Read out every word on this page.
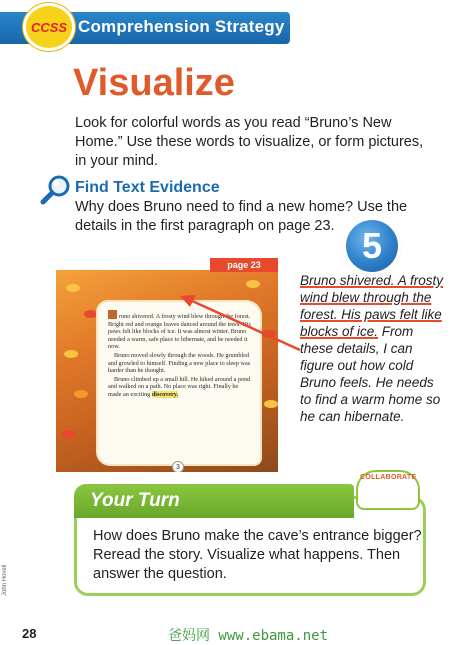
Comprehension Strategy
CCSS
Visualize

Look for colorful words as you read “Bruno’s New Home.” Use these words to visualize, or form pictures, in your mind.

Find Text Evidence

Why does Bruno need to find a new home? Use the details in the first paragraph on page 23. 5

runo shivered. A frosty wind blew through the forest. Bright red and orange leaves danced around the trees. His paws felt like blocks of ice. It was almost winter. Bruno needed a warm, safe place to hibernate, and he needed it now.

Bruno moved slowly through the woods. He grumbled and growled to himself. Finding a new place to sleep was harder than he thought.

Bruno climbed up a small hill. He hiked around a pond and walked on a path. No place was right. Finally he made an exciting discovery.

3
page 23

Bruno shivered. A frosty wind blew through the forest. His paws felt like blocks of ice. From these details, I can figure out how cold Bruno feels. He needs to find a warm home so he can hibernate.

Your Turn
COLLABORATE

How does Bruno make the cave’s entrance bigger? Reread the story. Visualize what happens. Then answer the question.

28
John Hovell
爸妈网 www.ebama.net
